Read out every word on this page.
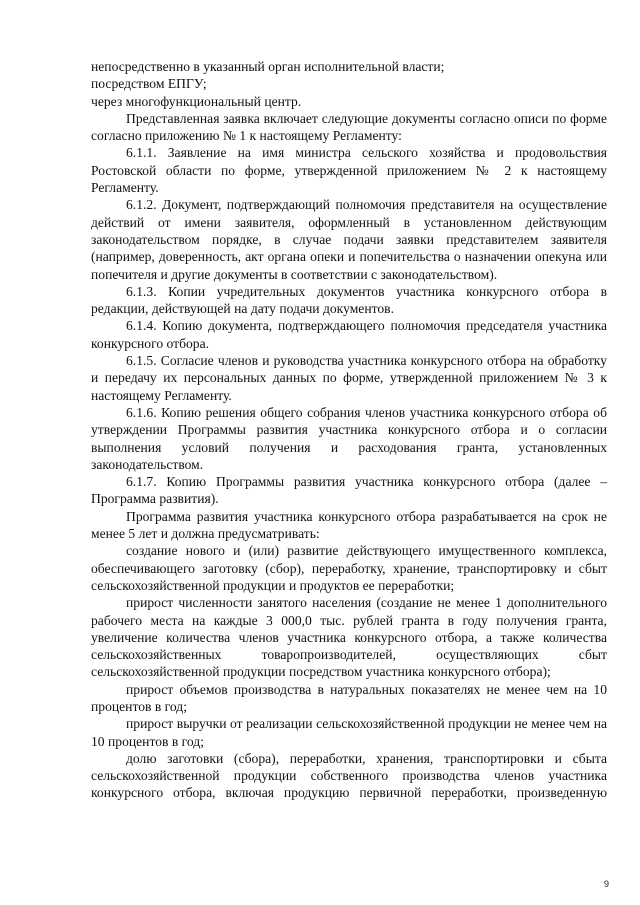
непосредственно в указанный орган исполнительной власти;

посредством ЕПГУ;

через многофункциональный центр.

Представленная заявка включает следующие документы согласно описи по форме согласно приложению № 1 к настоящему Регламенту:

6.1.1. Заявление на имя министра сельского хозяйства и продовольствия Ростовской области по форме, утвержденной приложением № 2 к настоящему Регламенту.

6.1.2. Документ, подтверждающий полномочия представителя на осуществление действий от имени заявителя, оформленный в установленном действующим законодательством порядке, в случае подачи заявки представителем заявителя (например, доверенность, акт органа опеки и попечительства о назначении опекуна или попечителя и другие документы в соответствии с законодательством).

6.1.3. Копии учредительных документов участника конкурсного отбора в редакции, действующей на дату подачи документов.

6.1.4. Копию документа, подтверждающего полномочия председателя участника конкурсного отбора.

6.1.5. Согласие членов и руководства участника конкурсного отбора на обработку и передачу их персональных данных по форме, утвержденной приложением № 3 к настоящему Регламенту.

6.1.6. Копию решения общего собрания членов участника конкурсного отбора об утверждении Программы развития участника конкурсного отбора и о согласии выполнения условий получения и расходования гранта, установленных законодательством.

6.1.7. Копию Программы развития участника конкурсного отбора (далее – Программа развития).

Программа развития участника конкурсного отбора разрабатывается на срок не менее 5 лет и должна предусматривать:

создание нового и (или) развитие действующего имущественного комплекса, обеспечивающего заготовку (сбор), переработку, хранение, транспортировку и сбыт сельскохозяйственной продукции и продуктов ее переработки;

прирост численности занятого населения (создание не менее 1 дополнительного рабочего места на каждые 3 000,0 тыс. рублей гранта в году получения гранта, увеличение количества членов участника конкурсного отбора, а также количества сельскохозяйственных товаропроизводителей, осуществляющих сбыт сельскохозяйственной продукции посредством участника конкурсного отбора);

прирост объемов производства в натуральных показателях не менее чем на 10 процентов в год;

прирост выручки от реализации сельскохозяйственной продукции не менее чем на 10 процентов в год;

долю заготовки (сбора), переработки, хранения, транспортировки и сбыта сельскохозяйственной продукции собственного производства членов участника конкурсного отбора, включая продукцию первичной переработки, произведенную

9
